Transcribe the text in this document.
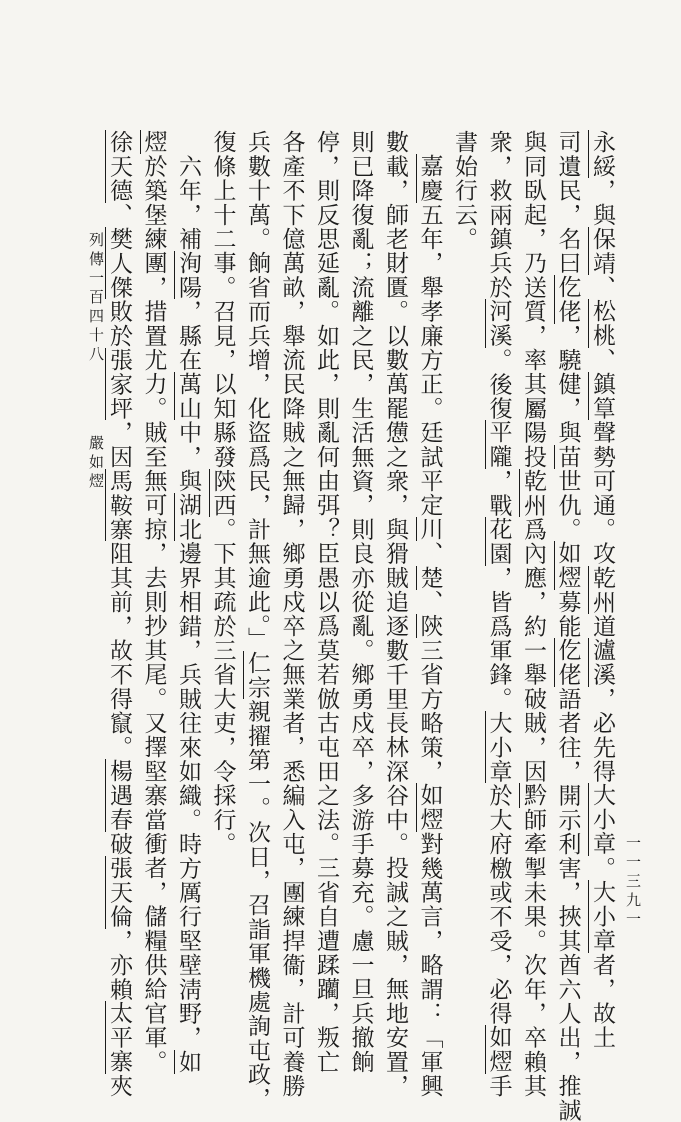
列傳一百四十八嚴如熤
永綏，與保靖、松桃、鎮筸聲勢可通。攻乾州道瀘溪，必先得大小章。大小章者，故土
司遺民，名曰仡佬，驍健，與苗世仇。如熤募能仡佬語者往，開示利害，挾其酋六人出，推誠
與同臥起，乃送質，率其屬陽投乾州爲內應，約一舉破賊，因黔師牽掣未果。次年，卒賴其
衆，救兩鎮兵於河溪。後復平隴，戰花園，皆爲軍鋒。大小章於大府檄或不受，必得如熤手
書始行云。
　嘉慶五年，舉孝廉方正。廷試平定川、楚、陝三省方略策，如熤對幾萬言，略謂：「軍興
數載，師老財匱。以數萬罷憊之衆，與猾賊追逐數千里長林深谷中。投誠之賊，無地安置，
則已降復亂；流離之民，生活無資，則良亦從亂。鄉勇戍卒，多游手募充。慮一旦兵撤餉
停，則反思延亂。如此，則亂何由弭？臣愚以爲莫若倣古屯田之法。三省自遭蹂躪，叛亡
各產不下億萬畝，舉流民降賊之無歸，鄉勇戍卒之無業者，悉編入屯，團練捍衞，計可養勝
兵數十萬。餉省而兵增，化盜爲民，計無逾此。」仁宗親擢第一。次日，召詣軍機處詢屯政，
復條上十二事。召見，以知縣發陝西。下其疏於三省大吏，令採行。
　六年，補洵陽，縣在萬山中，與湖北邊界相錯，兵賊往來如織。時方厲行堅壁淸野，如
熤於築堡練團，措置尤力。賊至無可掠，去則抄其尾。又擇堅寨當衝者，儲糧供給官軍。
徐天德、樊人傑敗於張家坪，因馬鞍寨阻其前，故不得竄。楊遇春破張天倫，亦賴太平寨夾
一一三九一
